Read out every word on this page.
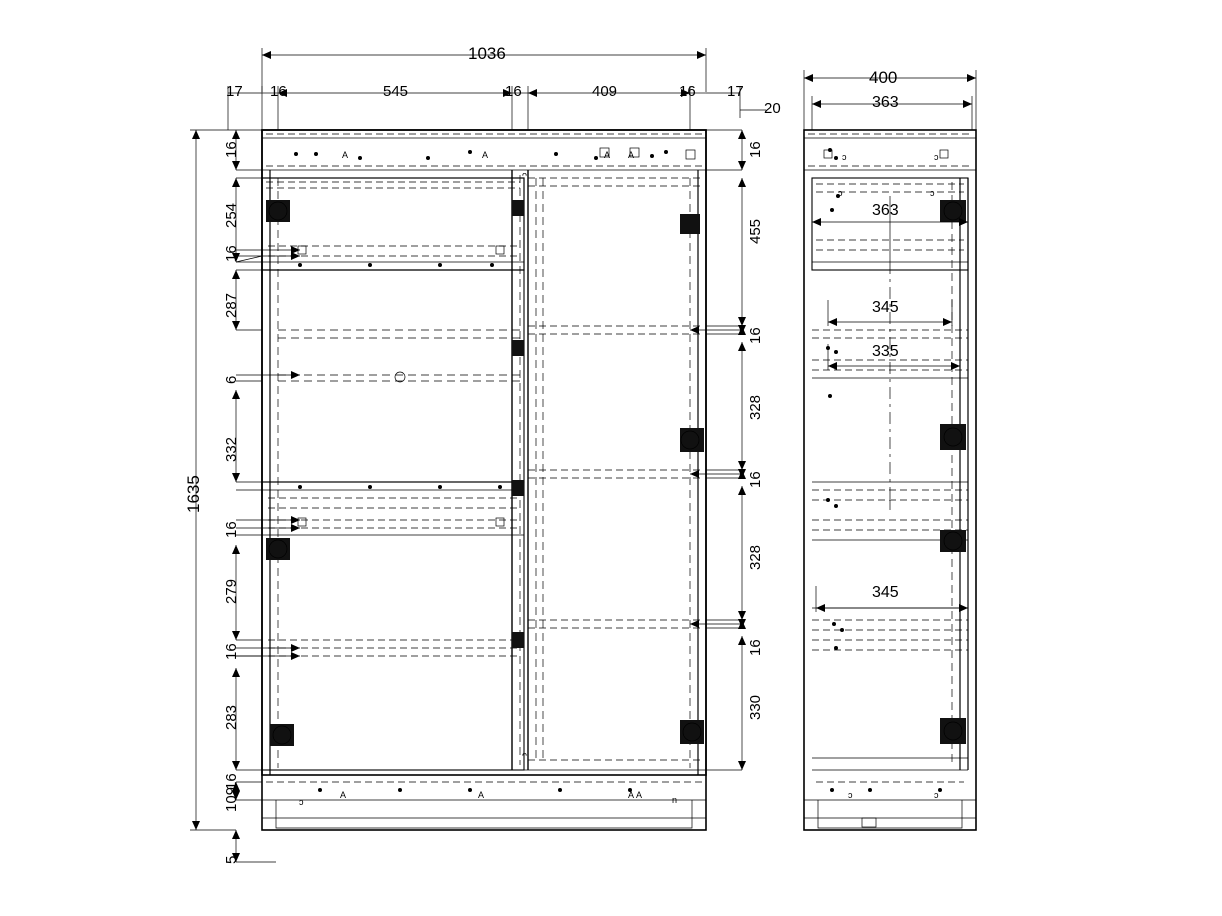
A	A	A A
A	A	A A
ɔ	n
ᴖ
ᴖ
ɔ	ɔ
ɔ	ɔ
ɔ	ɔ
1036
17 16	545	16	409	16 17
20
1635
16
254
16
287
6
332
16
279
16
283
109
16
5
16
455
16
328
16
328
16
330
400
363
363
345
335
345
